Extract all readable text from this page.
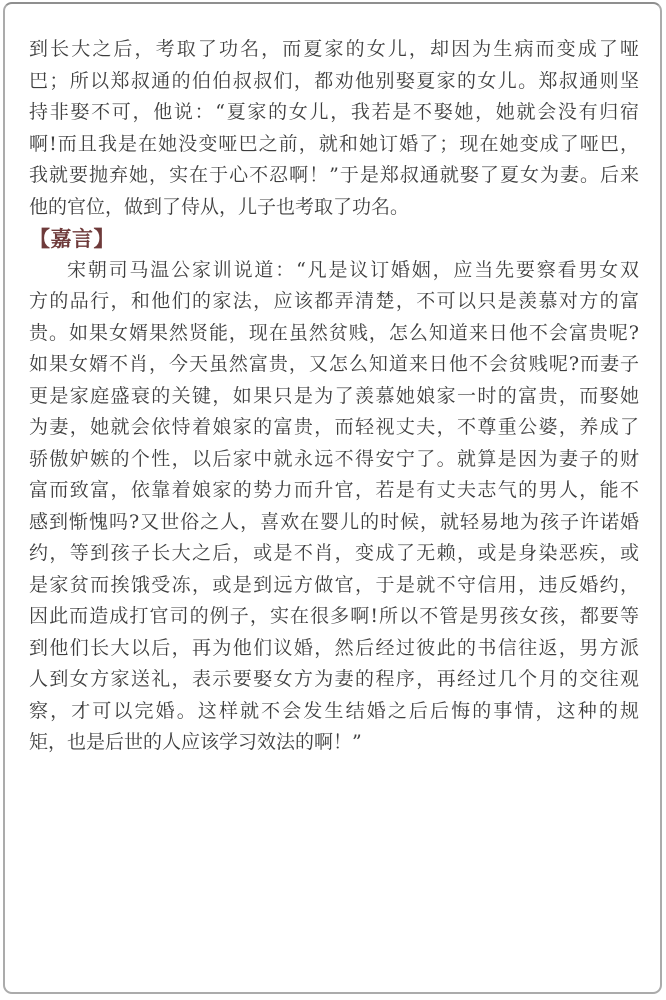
到长大之后，考取了功名，而夏家的女儿，却因为生病而变成了哑
巴；所以郑叔通的伯伯叔叔们，都劝他别娶夏家的女儿。郑叔通则坚
持非娶不可，他说：“夏家的女儿，我若是不娶她，她就会没有归宿
啊!而且我是在她没变哑巴之前，就和她订婚了；现在她变成了哑巴，
我就要抛弃她，实在于心不忍啊！”于是郑叔通就娶了夏女为妻。后来
他的官位，做到了侍从，儿子也考取了功名。
【嘉言】
宋朝司马温公家训说道：“凡是议订婚姻，应当先要察看男女双
方的品行，和他们的家法，应该都弄清楚，不可以只是羡慕对方的富
贵。如果女婿果然贤能，现在虽然贫贱，怎么知道来日他不会富贵呢?
如果女婿不肖，今天虽然富贵，又怎么知道来日他不会贫贱呢?而妻子
更是家庭盛衰的关键，如果只是为了羡慕她娘家一时的富贵，而娶她
为妻，她就会依恃着娘家的富贵，而轻视丈夫，不尊重公婆，养成了
骄傲妒嫉的个性，以后家中就永远不得安宁了。就算是因为妻子的财
富而致富，依靠着娘家的势力而升官，若是有丈夫志气的男人，能不
感到惭愧吗?又世俗之人，喜欢在婴儿的时候，就轻易地为孩子许诺婚
约，等到孩子长大之后，或是不肖，变成了无赖，或是身染恶疾，或
是家贫而挨饿受冻，或是到远方做官，于是就不守信用，违反婚约，
因此而造成打官司的例子，实在很多啊!所以不管是男孩女孩，都要等
到他们长大以后，再为他们议婚，然后经过彼此的书信往返，男方派
人到女方家送礼，表示要娶女方为妻的程序，再经过几个月的交往观
察，才可以完婚。这样就不会发生结婚之后后悔的事情，这种的规
矩，也是后世的人应该学习效法的啊！”
